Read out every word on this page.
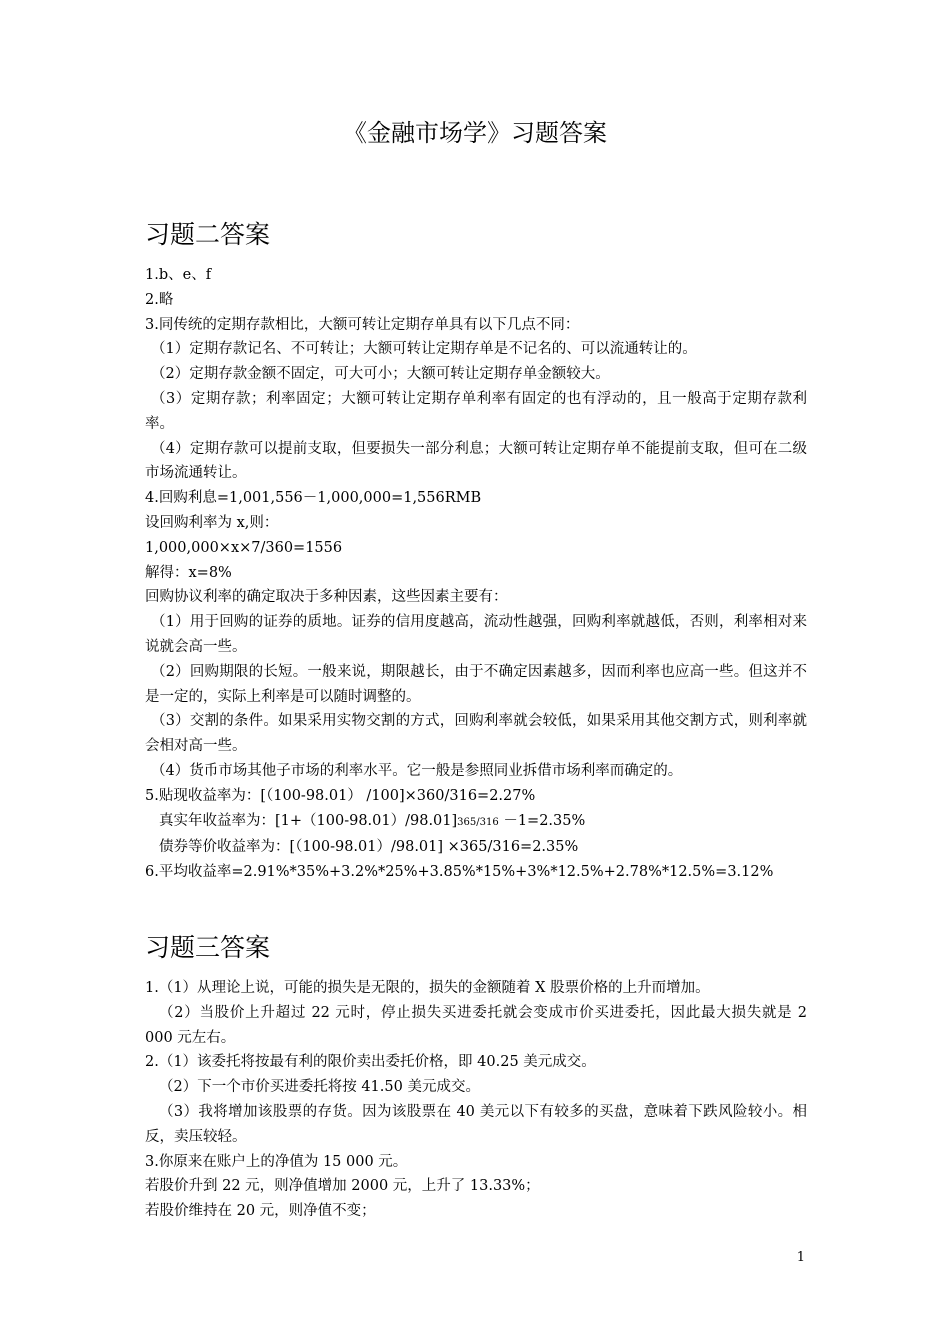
《金融市场学》习题答案
习题二答案
1.b、e、f
2.略
3.同传统的定期存款相比，大额可转让定期存单具有以下几点不同：
（1）定期存款记名、不可转让；大额可转让定期存单是不记名的、可以流通转让的。
（2）定期存款金额不固定，可大可小；大额可转让定期存单金额较大。
（3）定期存款；利率固定；大额可转让定期存单利率有固定的也有浮动的，且一般高于定期存款利率。
（4）定期存款可以提前支取，但要损失一部分利息；大额可转让定期存单不能提前支取，但可在二级市场流通转让。
4.回购利息=1,001,556－1,000,000=1,556RMB
设回购利率为 x,则：
1,000,000×x×7/360=1556
解得：x=8%
回购协议利率的确定取决于多种因素，这些因素主要有：
（1）用于回购的证券的质地。证券的信用度越高，流动性越强，回购利率就越低，否则，利率相对来说就会高一些。
（2）回购期限的长短。一般来说，期限越长，由于不确定因素越多，因而利率也应高一些。但这并不是一定的，实际上利率是可以随时调整的。
（3）交割的条件。如果采用实物交割的方式，回购利率就会较低，如果采用其他交割方式，则利率就会相对高一些。
（4）货币市场其他子市场的利率水平。它一般是参照同业拆借市场利率而确定的。
5.贴现收益率为：[（100-98.01） /100]×360/316=2.27%
真实年收益率为：[1+（100-98.01）/98.01]365/316 －1=2.35%
债券等价收益率为：[（100-98.01）/98.01] ×365/316=2.35%
6.平均收益率=2.91%*35%+3.2%*25%+3.85%*15%+3%*12.5%+2.78%*12.5%=3.12%
习题三答案
1.（1）从理论上说，可能的损失是无限的，损失的金额随着 X 股票价格的上升而增加。
（2）当股价上升超过 22 元时，停止损失买进委托就会变成市价买进委托，因此最大损失就是 2 000 元左右。
2.（1）该委托将按最有利的限价卖出委托价格，即 40.25 美元成交。
（2）下一个市价买进委托将按 41.50 美元成交。
（3）我将增加该股票的存货。因为该股票在 40 美元以下有较多的买盘，意味着下跌风险较小。相反，卖压较轻。
3.你原来在账户上的净值为 15 000 元。
若股价升到 22 元，则净值增加 2000 元，上升了 13.33%；
若股价维持在 20 元，则净值不变；
1
